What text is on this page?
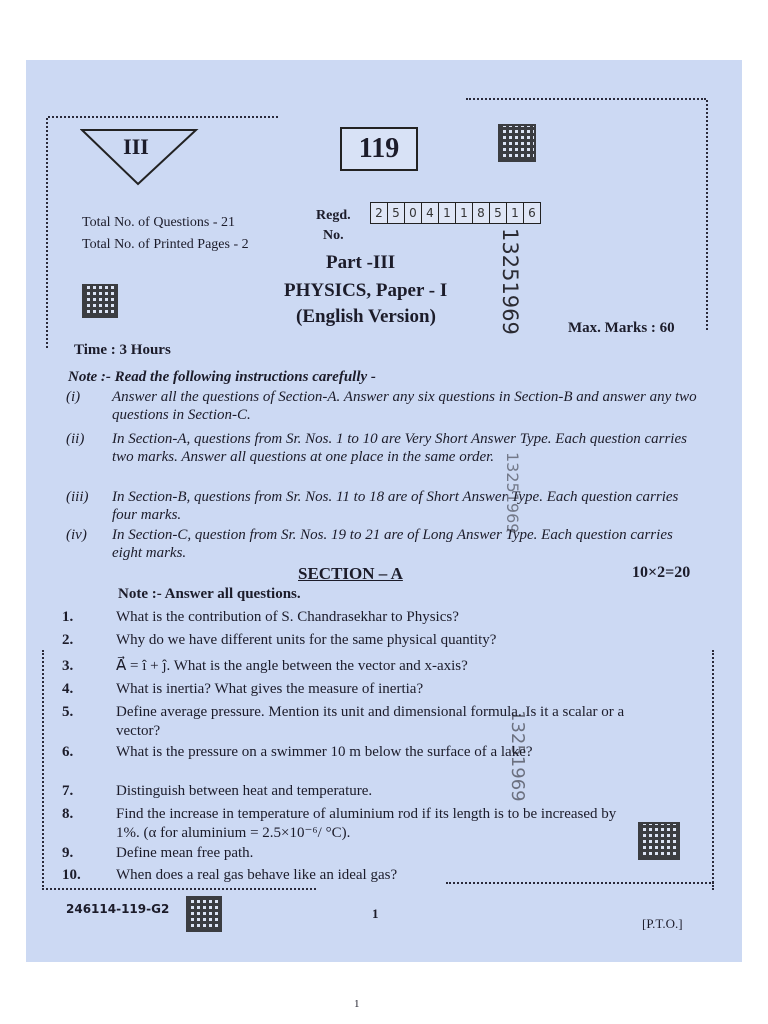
III	119
Total No. of Questions - 21
Total No. of Printed Pages - 2
Regd.
No.
2 5 0 4 1 1 8 5 1 6
13251969
13251969
13251969
Part -III
PHYSICS, Paper - I
(English Version)
Max. Marks : 60
Time : 3 Hours
Note :- Read the following instructions carefully -
(i)	Answer all the questions of Section-A. Answer any six questions in Section-B and answer any two questions in Section-C.
(ii)	In Section-A, questions from Sr. Nos. 1 to 10 are Very Short Answer Type. Each question carries two marks. Answer all questions at one place in the same order.
(iii)	In Section-B, questions from Sr. Nos. 11 to 18 are of Short Answer Type. Each question carries four marks.
(iv)	In Section-C, question from Sr. Nos. 19 to 21 are of Long Answer Type. Each question carries eight marks.
SECTION – A	10×2=20
Note :- Answer all questions.
1.	What is the contribution of S. Chandrasekhar to Physics?
2.	Why do we have different units for the same physical quantity?
3.	A⃗ = î + ĵ. What is the angle between the vector and x-axis?
4.	What is inertia? What gives the measure of inertia?
5.	Define average pressure. Mention its unit and dimensional formula. Is it a scalar or a vector?
6.	What is the pressure on a swimmer 10 m below the surface of a lake?
7.	Distinguish between heat and temperature.
8.	Find the increase in temperature of aluminium rod if its length is to be increased by 1%. (α for aluminium = 2.5×10⁻⁶/ °C).
9.	Define mean free path.
10.	When does a real gas behave like an ideal gas?
246114-119-G2	1
[P.T.O.]
1
